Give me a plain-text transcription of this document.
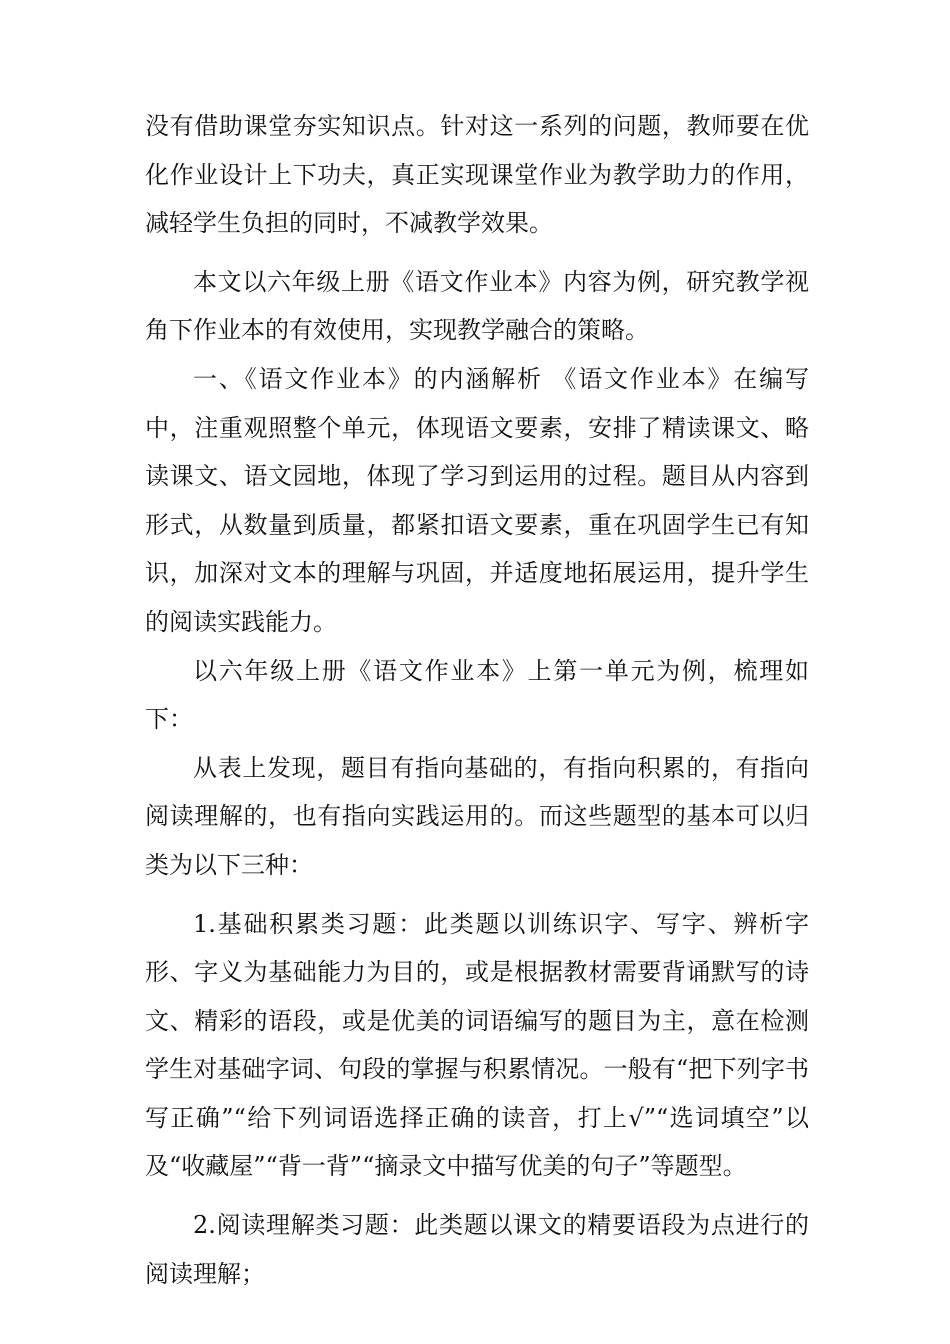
没有借助课堂夯实知识点。针对这一系列的问题，教师要在优化作业设计上下功夫，真正实现课堂作业为教学助力的作用，减轻学生负担的同时，不减教学效果。

本文以六年级上册《语文作业本》内容为例，研究教学视角下作业本的有效使用，实现教学融合的策略。

一、《语文作业本》的内涵解析 《语文作业本》在编写中，注重观照整个单元，体现语文要素，安排了精读课文、略读课文、语文园地，体现了学习到运用的过程。题目从内容到形式，从数量到质量，都紧扣语文要素，重在巩固学生已有知识，加深对文本的理解与巩固，并适度地拓展运用，提升学生的阅读实践能力。

以六年级上册《语文作业本》上第一单元为例，梳理如下：

从表上发现，题目有指向基础的，有指向积累的，有指向阅读理解的，也有指向实践运用的。而这些题型的基本可以归类为以下三种：

1.基础积累类习题：此类题以训练识字、写字、辨析字形、字义为基础能力为目的，或是根据教材需要背诵默写的诗文、精彩的语段，或是优美的词语编写的题目为主，意在检测学生对基础字词、句段的掌握与积累情况。一般有“把下列字书写正确”“给下列词语选择正确的读音，打上√”“选词填空”以及“收藏屋”“背一背”“摘录文中描写优美的句子”等题型。

2.阅读理解类习题：此类题以课文的精要语段为点进行的阅读理解；
